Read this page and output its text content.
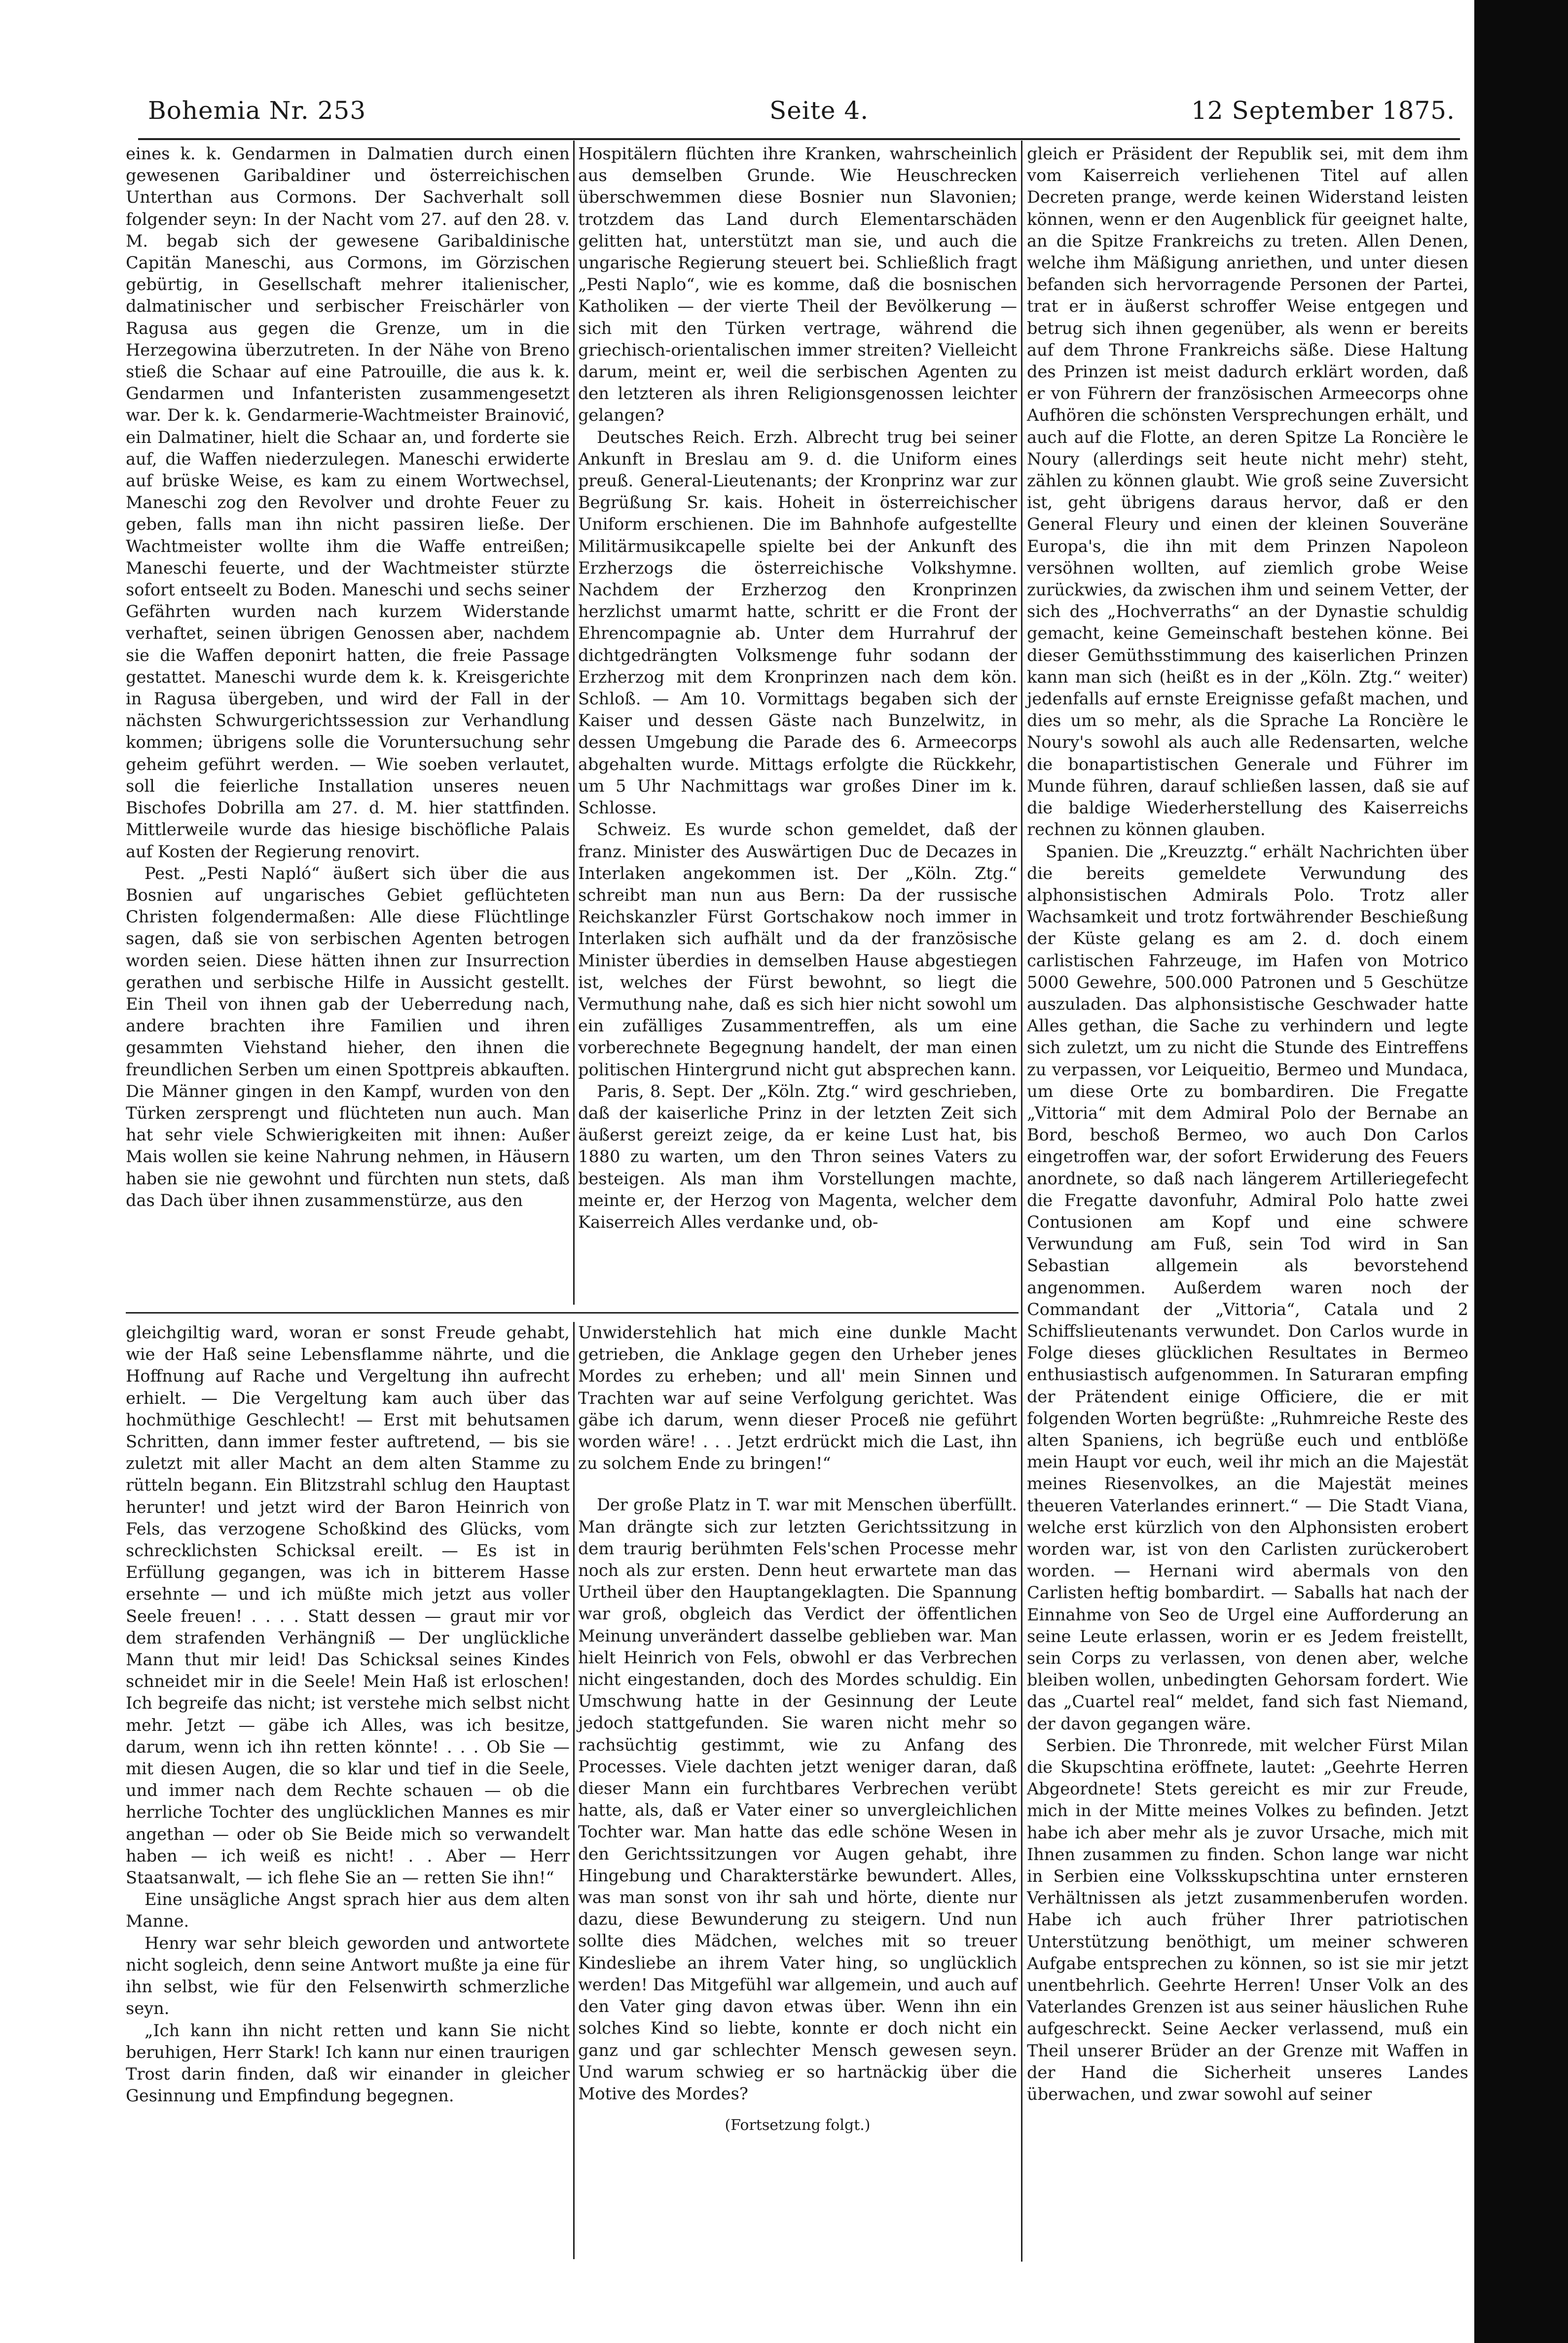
Bohemia Nr. 253	Seite 4.	12 September 1875.

eines k. k. Gendarmen in Dalmatien durch einen gewesenen Garibaldiner und österreichischen Unterthan aus Cormons. Der Sachverhalt soll folgender seyn: In der Nacht vom 27. auf den 28. v. M. begab sich der gewesene Garibaldinische Capitän Maneschi, aus Cormons, im Görzischen gebürtig, in Gesellschaft mehrer italienischer, dalmatinischer und serbischer Freischärler von Ragusa aus gegen die Grenze, um in die Herzegowina überzutreten. In der Nähe von Breno stieß die Schaar auf eine Patrouille, die aus k. k. Gendarmen und Infanteristen zusammengesetzt war. Der k. k. Gendarmerie-Wachtmeister Brainović, ein Dalmatiner, hielt die Schaar an, und forderte sie auf, die Waffen niederzulegen. Maneschi erwiderte auf brüske Weise, es kam zu einem Wortwechsel, Maneschi zog den Revolver und drohte Feuer zu geben, falls man ihn nicht passiren ließe. Der Wachtmeister wollte ihm die Waffe entreißen; Maneschi feuerte, und der Wachtmeister stürzte sofort entseelt zu Boden. Maneschi und sechs seiner Gefährten wurden nach kurzem Widerstande verhaftet, seinen übrigen Genossen aber, nachdem sie die Waffen deponirt hatten, die freie Passage gestattet. Maneschi wurde dem k. k. Kreisgerichte in Ragusa übergeben, und wird der Fall in der nächsten Schwurgerichtssession zur Verhandlung kommen; übrigens solle die Voruntersuchung sehr geheim geführt werden. — Wie soeben verlautet, soll die feierliche Installation unseres neuen Bischofes Dobrilla am 27. d. M. hier stattfinden. Mittlerweile wurde das hiesige bischöfliche Palais auf Kosten der Regierung renovirt.

Pest. „Pesti Napló“ äußert sich über die aus Bosnien auf ungarisches Gebiet geflüchteten Christen folgendermaßen: Alle diese Flüchtlinge sagen, daß sie von serbischen Agenten betrogen worden seien. Diese hätten ihnen zur Insurrection gerathen und serbische Hilfe in Aussicht gestellt. Ein Theil von ihnen gab der Ueberredung nach, andere brachten ihre Familien und ihren gesammten Viehstand hieher, den ihnen die freundlichen Serben um einen Spottpreis abkauften. Die Männer gingen in den Kampf, wurden von den Türken zersprengt und flüchteten nun auch. Man hat sehr viele Schwierigkeiten mit ihnen: Außer Mais wollen sie keine Nahrung nehmen, in Häusern haben sie nie gewohnt und fürchten nun stets, daß das Dach über ihnen zusammenstürze, aus den

Hospitälern flüchten ihre Kranken, wahrscheinlich aus demselben Grunde. Wie Heuschrecken überschwemmen diese Bosnier nun Slavonien; trotzdem das Land durch Elementarschäden gelitten hat, unterstützt man sie, und auch die ungarische Regierung steuert bei. Schließlich fragt „Pesti Naplo“, wie es komme, daß die bosnischen Katholiken — der vierte Theil der Bevölkerung — sich mit den Türken vertrage, während die griechisch-orientalischen immer streiten? Vielleicht darum, meint er, weil die serbischen Agenten zu den letzteren als ihren Religionsgenossen leichter gelangen?

Deutsches Reich. Erzh. Albrecht trug bei seiner Ankunft in Breslau am 9. d. die Uniform eines preuß. General-Lieutenants; der Kronprinz war zur Begrüßung Sr. kais. Hoheit in österreichischer Uniform erschienen. Die im Bahnhofe aufgestellte Militärmusikcapelle spielte bei der Ankunft des Erzherzogs die österreichische Volkshymne. Nachdem der Erzherzog den Kronprinzen herzlichst umarmt hatte, schritt er die Front der Ehrencompagnie ab. Unter dem Hurrahruf der dichtgedrängten Volksmenge fuhr sodann der Erzherzog mit dem Kronprinzen nach dem kön. Schloß. — Am 10. Vormittags begaben sich der Kaiser und dessen Gäste nach Bunzelwitz, in dessen Umgebung die Parade des 6. Armeecorps abgehalten wurde. Mittags erfolgte die Rückkehr, um 5 Uhr Nachmittags war großes Diner im k. Schlosse.

Schweiz. Es wurde schon gemeldet, daß der franz. Minister des Auswärtigen Duc de Decazes in Interlaken angekommen ist. Der „Köln. Ztg.“ schreibt man nun aus Bern: Da der russische Reichskanzler Fürst Gortschakow noch immer in Interlaken sich aufhält und da der französische Minister überdies in demselben Hause abgestiegen ist, welches der Fürst bewohnt, so liegt die Vermuthung nahe, daß es sich hier nicht sowohl um ein zufälliges Zusammentreffen, als um eine vorberechnete Begegnung handelt, der man einen politischen Hintergrund nicht gut absprechen kann.

Paris, 8. Sept. Der „Köln. Ztg.“ wird geschrieben, daß der kaiserliche Prinz in der letzten Zeit sich äußerst gereizt zeige, da er keine Lust hat, bis 1880 zu warten, um den Thron seines Vaters zu besteigen. Als man ihm Vorstellungen machte, meinte er, der Herzog von Magenta, welcher dem Kaiserreich Alles verdanke und, ob-

gleich er Präsident der Republik sei, mit dem ihm vom Kaiserreich verliehenen Titel auf allen Decreten prange, werde keinen Widerstand leisten können, wenn er den Augenblick für geeignet halte, an die Spitze Frankreichs zu treten. Allen Denen, welche ihm Mäßigung anriethen, und unter diesen befanden sich hervorragende Personen der Partei, trat er in äußerst schroffer Weise entgegen und betrug sich ihnen gegenüber, als wenn er bereits auf dem Throne Frankreichs säße. Diese Haltung des Prinzen ist meist dadurch erklärt worden, daß er von Führern der französischen Armeecorps ohne Aufhören die schönsten Versprechungen erhält, und auch auf die Flotte, an deren Spitze La Roncière le Noury (allerdings seit heute nicht mehr) steht, zählen zu können glaubt. Wie groß seine Zuversicht ist, geht übrigens daraus hervor, daß er den General Fleury und einen der kleinen Souveräne Europa's, die ihn mit dem Prinzen Napoleon versöhnen wollten, auf ziemlich grobe Weise zurückwies, da zwischen ihm und seinem Vetter, der sich des „Hochverraths“ an der Dynastie schuldig gemacht, keine Gemeinschaft bestehen könne. Bei dieser Gemüthsstimmung des kaiserlichen Prinzen kann man sich (heißt es in der „Köln. Ztg.“ weiter) jedenfalls auf ernste Ereignisse gefaßt machen, und dies um so mehr, als die Sprache La Roncière le Noury's sowohl als auch alle Redensarten, welche die bonapartistischen Generale und Führer im Munde führen, darauf schließen lassen, daß sie auf die baldige Wiederherstellung des Kaiserreichs rechnen zu können glauben.

Spanien. Die „Kreuzztg.“ erhält Nachrichten über die bereits gemeldete Verwundung des alphonsistischen Admirals Polo. Trotz aller Wachsamkeit und trotz fortwährender Beschießung der Küste gelang es am 2. d. doch einem carlistischen Fahrzeuge, im Hafen von Motrico 5000 Gewehre, 500.000 Patronen und 5 Geschütze auszuladen. Das alphonsistische Geschwader hatte Alles gethan, die Sache zu verhindern und legte sich zuletzt, um zu nicht die Stunde des Eintreffens zu verpassen, vor Leiqueitio, Bermeo und Mundaca, um diese Orte zu bombardiren. Die Fregatte „Vittoria“ mit dem Admiral Polo der Bernabe an Bord, beschoß Bermeo, wo auch Don Carlos eingetroffen war, der sofort Erwiderung des Feuers anordnete, so daß nach längerem Artilleriegefecht die Fregatte davonfuhr, Admiral Polo hatte zwei Contusionen am Kopf und eine schwere Verwundung am Fuß, sein Tod wird in San Sebastian allgemein als bevorstehend angenommen. Außerdem waren noch der Commandant der „Vittoria“, Catala und 2 Schiffslieutenants verwundet. Don Carlos wurde in Folge dieses glücklichen Resultates in Bermeo enthusiastisch aufgenommen. In Saturaran empfing der Prätendent einige Officiere, die er mit folgenden Worten begrüßte: „Ruhmreiche Reste des alten Spaniens, ich begrüße euch und entblöße mein Haupt vor euch, weil ihr mich an die Majestät meines Riesenvolkes, an die Majestät meines theueren Vaterlandes erinnert.“ — Die Stadt Viana, welche erst kürzlich von den Alphonsisten erobert worden war, ist von den Carlisten zurückerobert worden. — Hernani wird abermals von den Carlisten heftig bombardirt. — Saballs hat nach der Einnahme von Seo de Urgel eine Aufforderung an seine Leute erlassen, worin er es Jedem freistellt, sein Corps zu verlassen, von denen aber, welche bleiben wollen, unbedingten Gehorsam fordert. Wie das „Cuartel real“ meldet, fand sich fast Niemand, der davon gegangen wäre.

Serbien. Die Thronrede, mit welcher Fürst Milan die Skupschtina eröffnete, lautet: „Geehrte Herren Abgeordnete! Stets gereicht es mir zur Freude, mich in der Mitte meines Volkes zu befinden. Jetzt habe ich aber mehr als je zuvor Ursache, mich mit Ihnen zusammen zu finden. Schon lange war nicht in Serbien eine Volksskupschtina unter ernsteren Verhältnissen als jetzt zusammenberufen worden. Habe ich auch früher Ihrer patriotischen Unterstützung benöthigt, um meiner schweren Aufgabe entsprechen zu können, so ist sie mir jetzt unentbehrlich. Geehrte Herren! Unser Volk an des Vaterlandes Grenzen ist aus seiner häuslichen Ruhe aufgeschreckt. Seine Aecker verlassend, muß ein Theil unserer Brüder an der Grenze mit Waffen in der Hand die Sicherheit unseres Landes überwachen, und zwar sowohl auf seiner

gleichgiltig ward, woran er sonst Freude gehabt, wie der Haß seine Lebensflamme nährte, und die Hoffnung auf Rache und Vergeltung ihn aufrecht erhielt. — Die Vergeltung kam auch über das hochmüthige Geschlecht! — Erst mit behutsamen Schritten, dann immer fester auftretend, — bis sie zuletzt mit aller Macht an dem alten Stamme zu rütteln begann. Ein Blitzstrahl schlug den Hauptast herunter! und jetzt wird der Baron Heinrich von Fels, das verzogene Schoßkind des Glücks, vom schrecklichsten Schicksal ereilt. — Es ist in Erfüllung gegangen, was ich in bitterem Hasse ersehnte — und ich müßte mich jetzt aus voller Seele freuen! . . . . Statt dessen — graut mir vor dem strafenden Verhängniß — Der unglückliche Mann thut mir leid! Das Schicksal seines Kindes schneidet mir in die Seele! Mein Haß ist erloschen! Ich begreife das nicht; ist verstehe mich selbst nicht mehr. Jetzt — gäbe ich Alles, was ich besitze, darum, wenn ich ihn retten könnte! . . . Ob Sie — mit diesen Augen, die so klar und tief in die Seele, und immer nach dem Rechte schauen — ob die herrliche Tochter des unglücklichen Mannes es mir angethan — oder ob Sie Beide mich so verwandelt haben — ich weiß es nicht! . . Aber — Herr Staatsanwalt, — ich flehe Sie an — retten Sie ihn!“

Eine unsägliche Angst sprach hier aus dem alten Manne.

Henry war sehr bleich geworden und antwortete nicht sogleich, denn seine Antwort mußte ja eine für ihn selbst, wie für den Felsenwirth schmerzliche seyn.

„Ich kann ihn nicht retten und kann Sie nicht beruhigen, Herr Stark! Ich kann nur einen traurigen Trost darin finden, daß wir einander in gleicher Gesinnung und Empfindung begegnen.

Unwiderstehlich hat mich eine dunkle Macht getrieben, die Anklage gegen den Urheber jenes Mordes zu erheben; und all' mein Sinnen und Trachten war auf seine Verfolgung gerichtet. Was gäbe ich darum, wenn dieser Proceß nie geführt worden wäre! . . . Jetzt erdrückt mich die Last, ihn zu solchem Ende zu bringen!“

Der große Platz in T. war mit Menschen überfüllt. Man drängte sich zur letzten Gerichtssitzung in dem traurig berühmten Fels'schen Processe mehr noch als zur ersten. Denn heut erwartete man das Urtheil über den Hauptangeklagten. Die Spannung war groß, obgleich das Verdict der öffentlichen Meinung unverändert dasselbe geblieben war. Man hielt Heinrich von Fels, obwohl er das Verbrechen nicht eingestanden, doch des Mordes schuldig. Ein Umschwung hatte in der Gesinnung der Leute jedoch stattgefunden. Sie waren nicht mehr so rachsüchtig gestimmt, wie zu Anfang des Processes. Viele dachten jetzt weniger daran, daß dieser Mann ein furchtbares Verbrechen verübt hatte, als, daß er Vater einer so unvergleichlichen Tochter war. Man hatte das edle schöne Wesen in den Gerichtssitzungen vor Augen gehabt, ihre Hingebung und Charakterstärke bewundert. Alles, was man sonst von ihr sah und hörte, diente nur dazu, diese Bewunderung zu steigern. Und nun sollte dies Mädchen, welches mit so treuer Kindesliebe an ihrem Vater hing, so unglücklich werden! Das Mitgefühl war allgemein, und auch auf den Vater ging davon etwas über. Wenn ihn ein solches Kind so liebte, konnte er doch nicht ein ganz und gar schlechter Mensch gewesen seyn. Und warum schwieg er so hartnäckig über die Motive des Mordes?

(Fortsetzung folgt.)
